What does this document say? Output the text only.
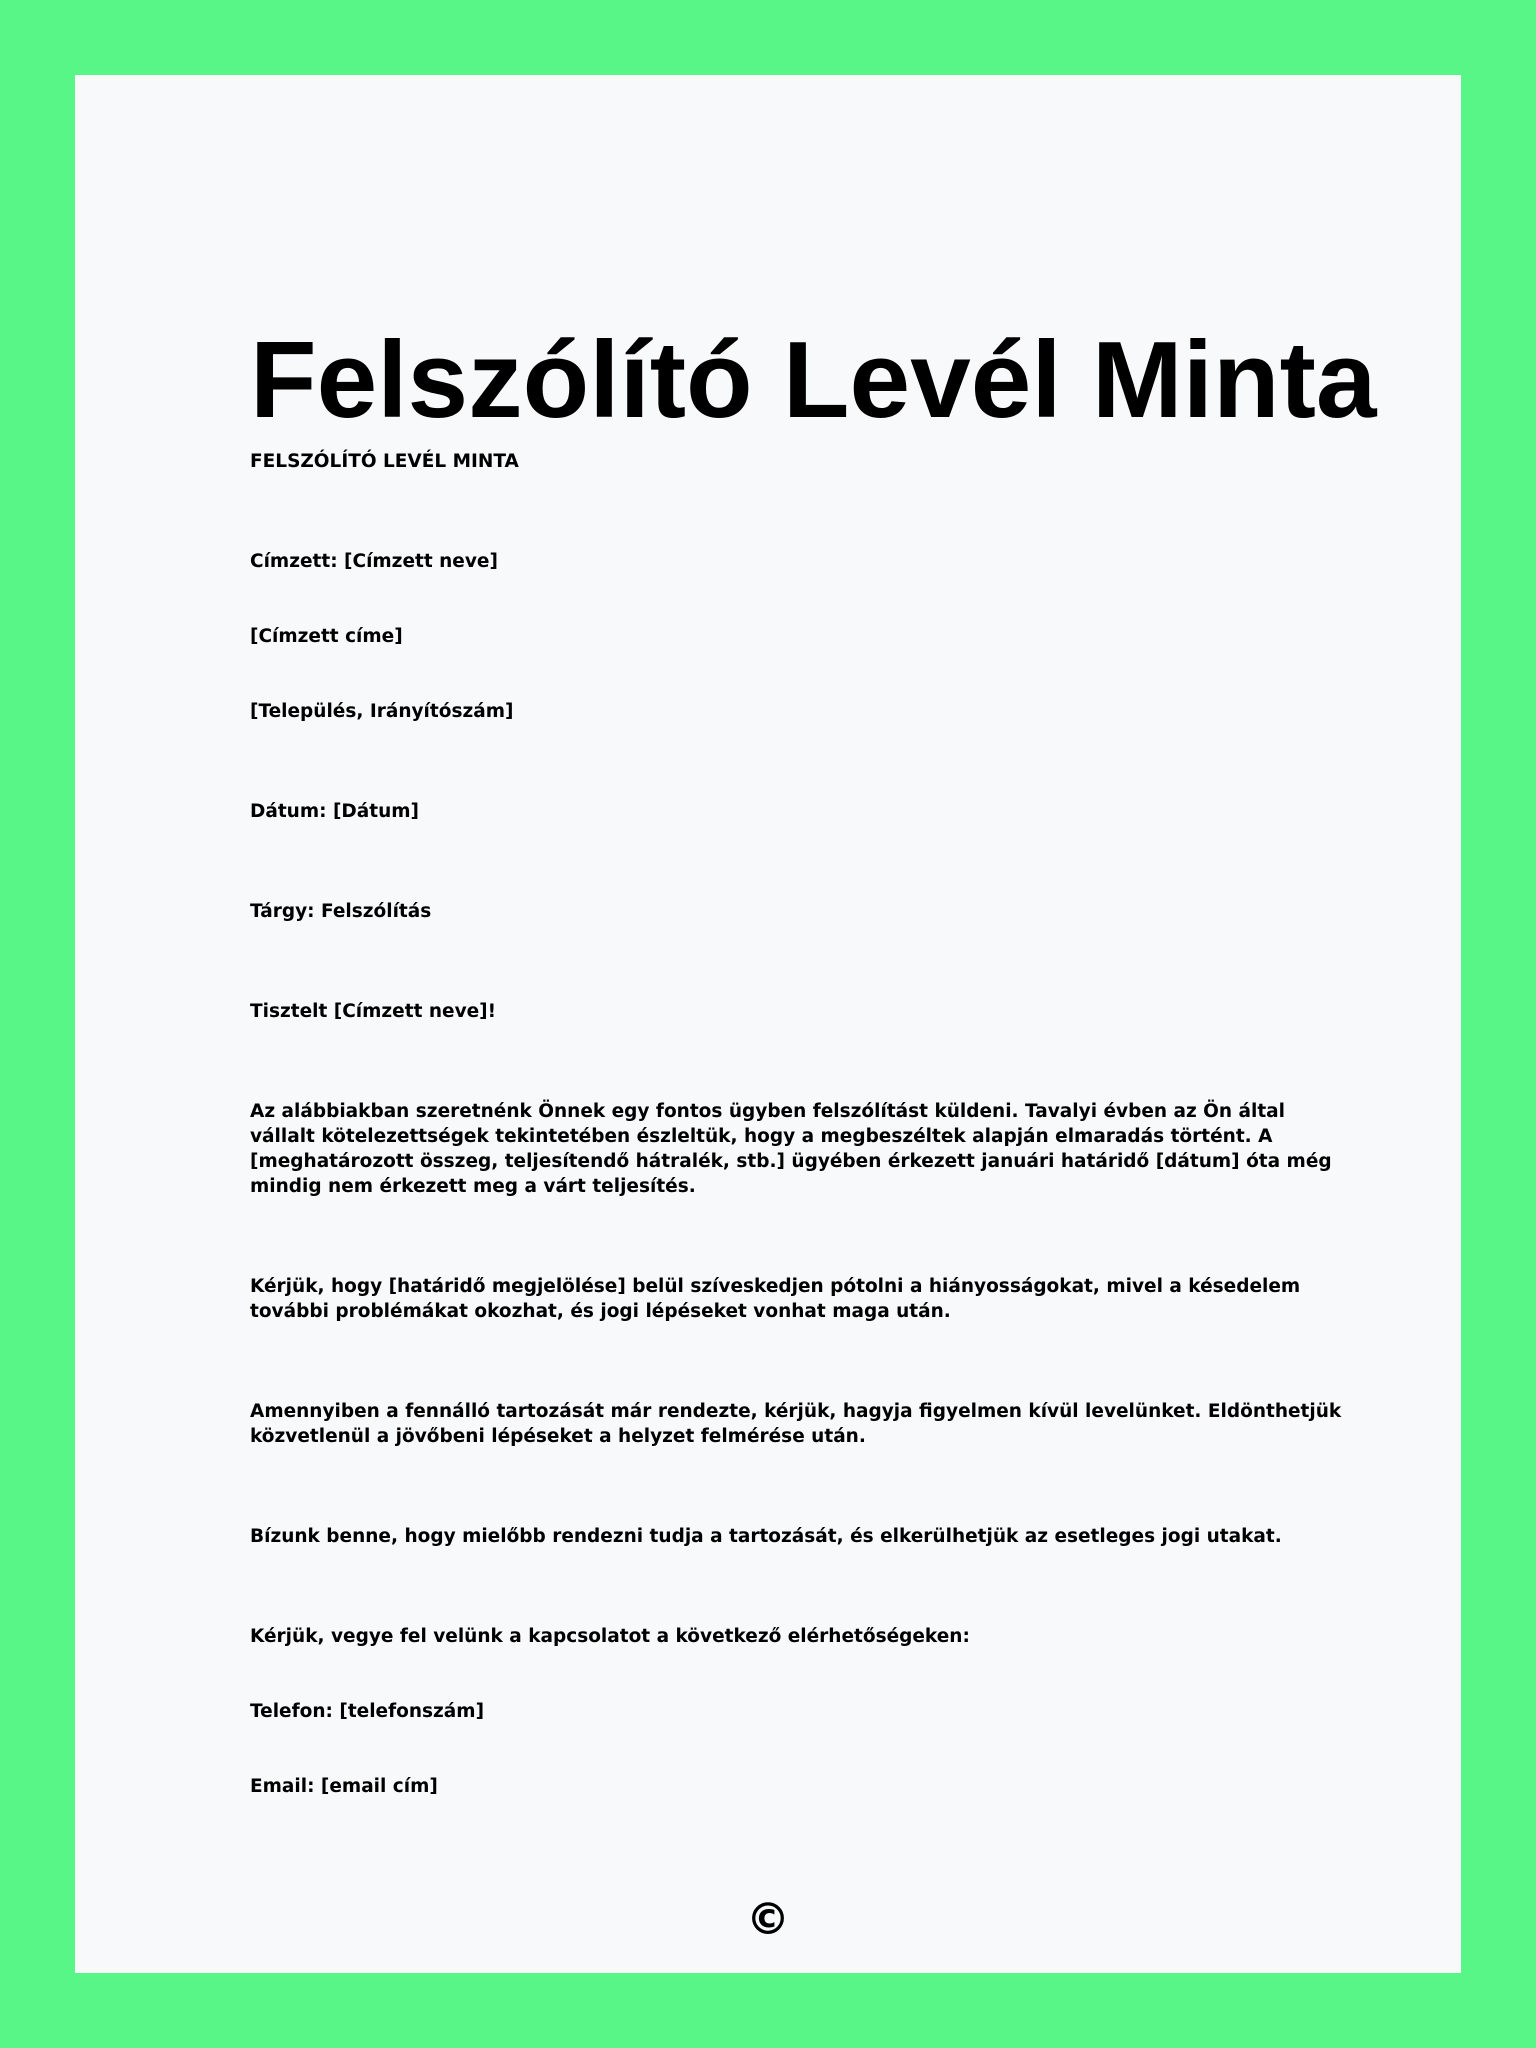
Felszólító Levél Minta

FELSZÓLÍTÓ LEVÉL MINTA

Címzett: [Címzett neve]

[Címzett címe]

[Település, Irányítószám]

Dátum: [Dátum]

Tárgy: Felszólítás

Tisztelt [Címzett neve]!

Az alábbiakban szeretnénk Önnek egy fontos ügyben felszólítást küldeni. Tavalyi évben az Ön által vállalt kötelezettségek tekintetében észleltük, hogy a megbeszéltek alapján elmaradás történt. A [meghatározott összeg, teljesítendő hátralék, stb.] ügyében érkezett januári határidő [dátum] óta még mindig nem érkezett meg a várt teljesítés.

Kérjük, hogy [határidő megjelölése] belül szíveskedjen pótolni a hiányosságokat, mivel a késedelem további problémákat okozhat, és jogi lépéseket vonhat maga után.

Amennyiben a fennálló tartozását már rendezte, kérjük, hagyja figyelmen kívül levelünket. Eldönthetjük közvetlenül a jövőbeni lépéseket a helyzet felmérése után.

Bízunk benne, hogy mielőbb rendezni tudja a tartozását, és elkerülhetjük az esetleges jogi utakat.

Kérjük, vegye fel velünk a kapcsolatot a következő elérhetőségeken:

Telefon: [telefonszám]

Email: [email cím]

©
